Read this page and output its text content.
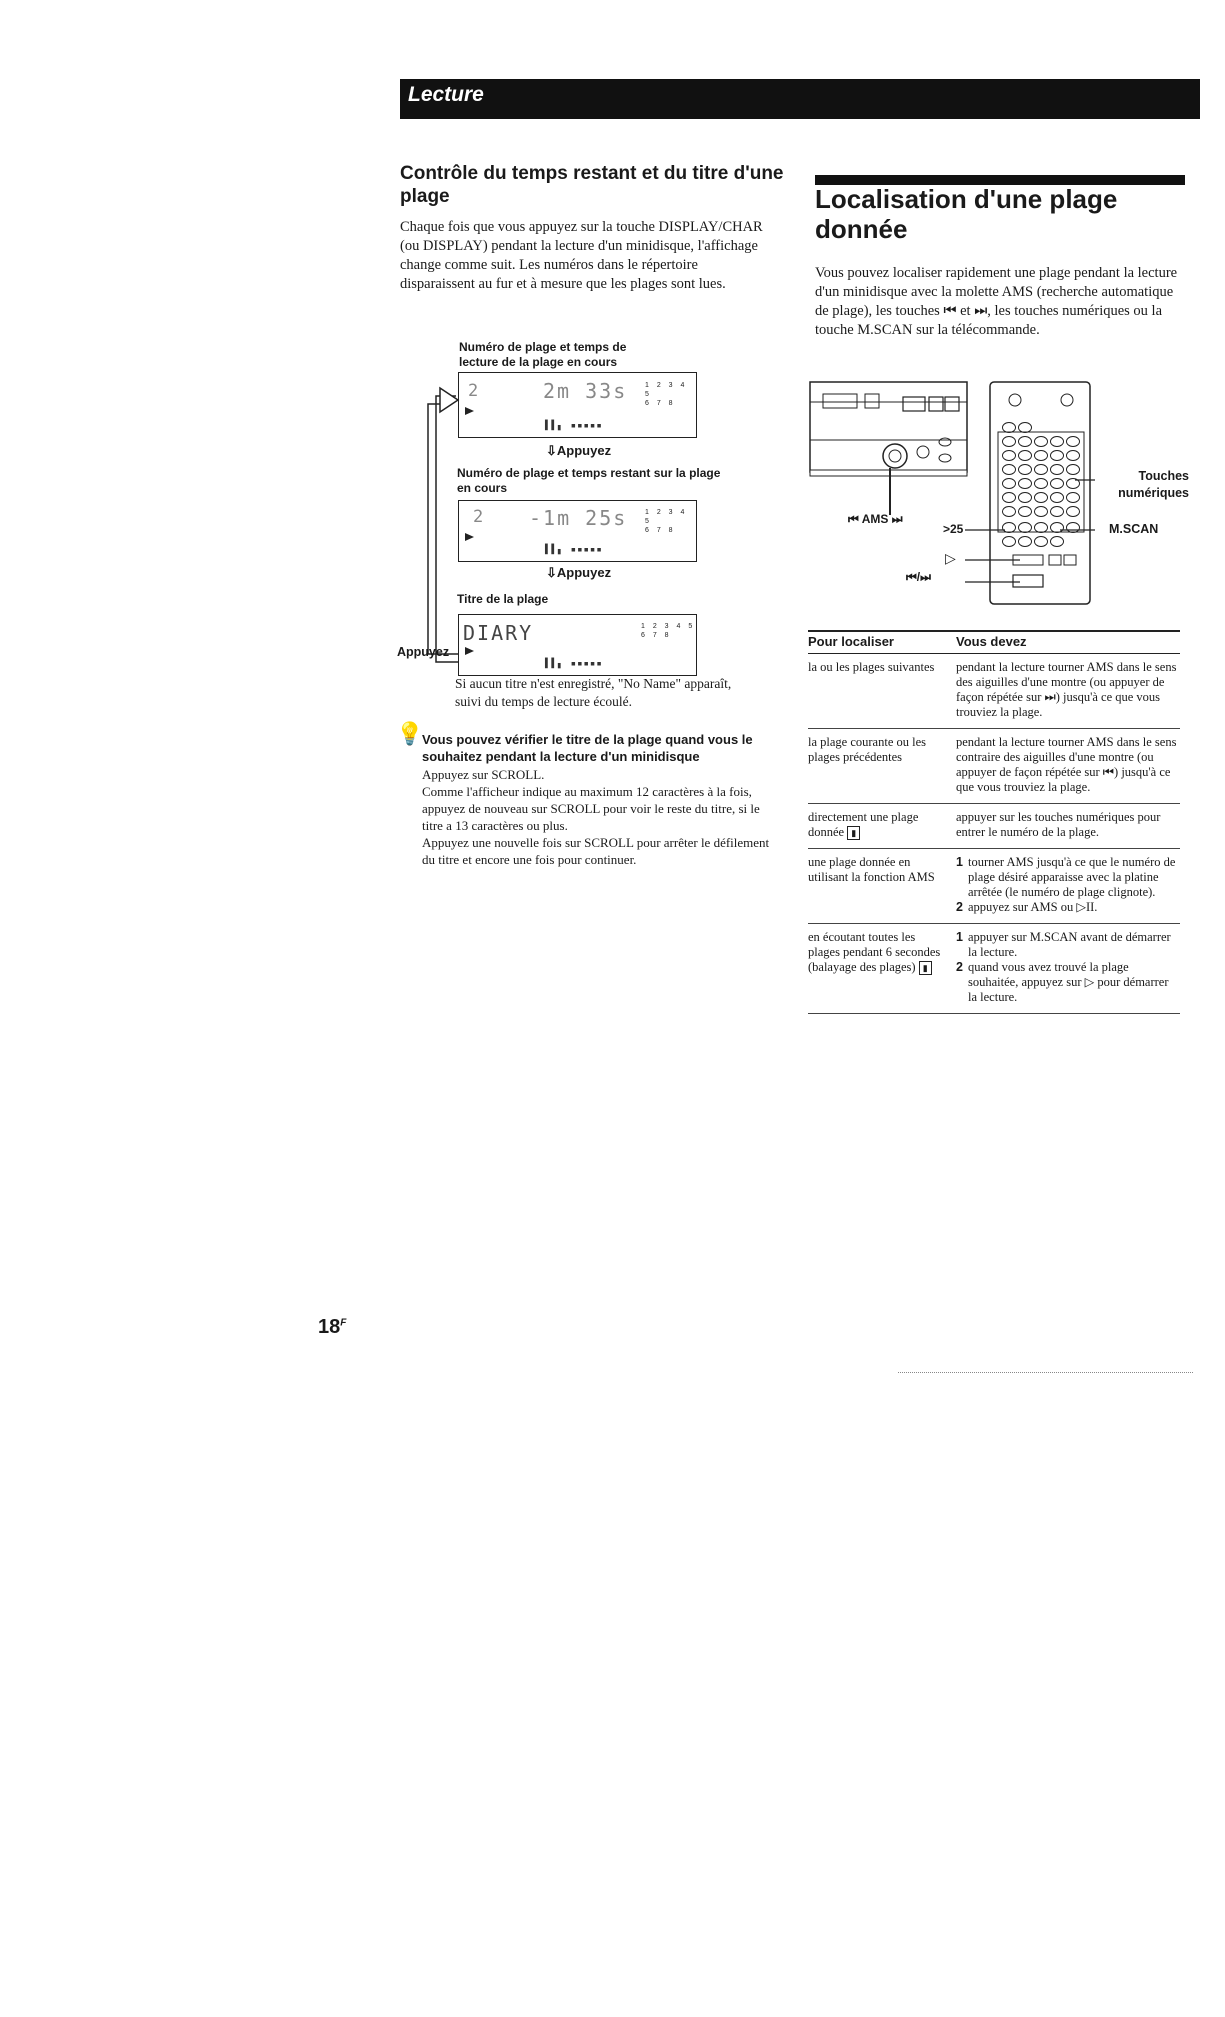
Lecture
Contrôle du temps restant et du titre d'une plage
Chaque fois que vous appuyez sur la touche DISPLAY/CHAR (ou DISPLAY) pendant la lecture d'un minidisque, l'affichage change comme suit. Les numéros dans le répertoire disparaissent au fur et à mesure que les plages sont lues.
Numéro de plage et temps de lecture de la plage en cours
2	2m 33s	1 2 3 4 5
6 7 8
▌▌▖ ▪▪▪▪▪
⇩Appuyez
Numéro de plage et temps restant sur la plage en cours
2 -1m 25s	1 2 3 4 5
6 7 8
▌▌▖ ▪▪▪▪▪
⇩Appuyez
Titre de la plage
DIARY	1 2 3 4 5
6 7 8
▌▌▖ ▪▪▪▪▪
Appuyez
Si aucun titre n'est enregistré, "No Name" apparaît, suivi du temps de lecture écoulé.
💡
Vous pouvez vérifier le titre de la plage quand vous le souhaitez pendant la lecture d'un minidisque
Appuyez sur SCROLL.
Comme l'afficheur indique au maximum 12 caractères à la fois, appuyez de nouveau sur SCROLL pour voir le reste du titre, si le titre a 13 caractères ou plus.
Appuyez une nouvelle fois sur SCROLL pour arrêter le défilement du titre et encore une fois pour continuer.
Localisation d'une plage donnée
Vous pouvez localiser rapidement une plage pendant la lecture d'un minidisque avec la molette AMS (recherche automatique de plage), les touches ⏮ et ⏭, les touches numériques ou la touche M.SCAN sur la télécommande.
⏮ AMS ⏭
>25
▷
⏮/⏭
Touches numériques
M.SCAN
Pour localiser	Vous devez
la ou les plages suivantes	pendant la lecture tourner AMS dans le sens des aiguilles d'une montre (ou appuyer de façon répétée sur ⏭) jusqu'à ce que vous trouviez la plage.
la plage courante ou les plages précédentes	pendant la lecture tourner AMS dans le sens contraire des aiguilles d'une montre (ou appuyer de façon répétée sur ⏮) jusqu'à ce que vous trouviez la plage.
directement une plage donnée ▮	appuyer sur les touches numériques pour entrer le numéro de la plage.
une plage donnée en utilisant la fonction AMS	1 tourner AMS jusqu'à ce que le numéro de plage désiré apparaisse avec la platine arrêtée (le numéro de plage clignote).
2 appuyez sur AMS ou ▷II.

en écoutant toutes les plages pendant 6 secondes (balayage des plages) ▮	1 appuyer sur M.SCAN avant de démarrer la lecture.
2 quand vous avez trouvé la plage souhaitée, appuyez sur ▷ pour démarrer la lecture.
$18^F$
